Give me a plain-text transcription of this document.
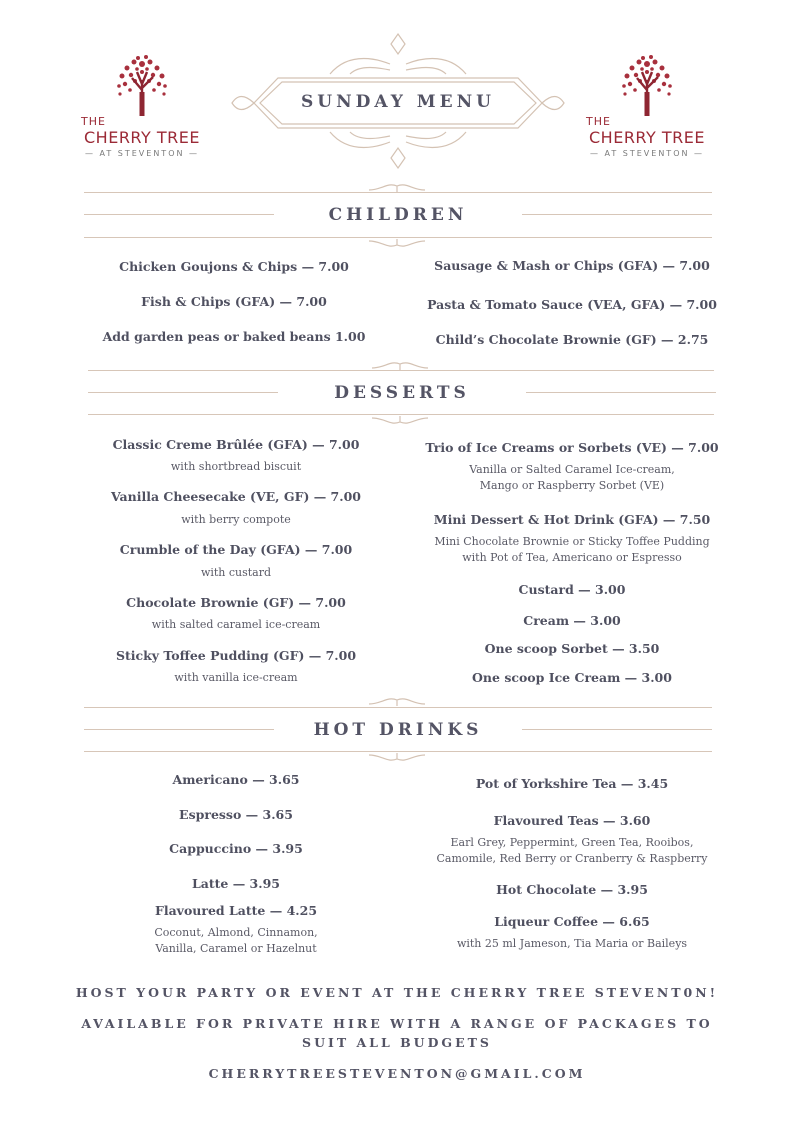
THE
CHERRY TREE
— AT STEVENTON —
THE
CHERRY TREE
— AT STEVENTON —
SUNDAY MENU
CHILDREN
Chicken Goujons & Chips — 7.00
Fish & Chips (GFA) — 7.00
Add garden peas or baked beans 1.00
Sausage & Mash or Chips (GFA) — 7.00
Pasta & Tomato Sauce (VEA, GFA) — 7.00
Child’s Chocolate Brownie (GF) — 2.75
DESSERTS
Classic Creme Brûlée (GFA) — 7.00
with shortbread biscuit
Vanilla Cheesecake (VE, GF) — 7.00
with berry compote
Crumble of the Day (GFA) — 7.00
with custard
Chocolate Brownie (GF) — 7.00
with salted caramel ice-cream
Sticky Toffee Pudding (GF) — 7.00
with vanilla ice-cream
Trio of Ice Creams or Sorbets (VE) — 7.00
Vanilla or Salted Caramel Ice-cream,
Mango or Raspberry Sorbet (VE)
Mini Dessert & Hot Drink (GFA) — 7.50
Mini Chocolate Brownie or Sticky Toffee Pudding
with Pot of Tea, Americano or Espresso
Custard — 3.00
Cream — 3.00
One scoop Sorbet — 3.50
One scoop Ice Cream — 3.00
HOT DRINKS
Americano — 3.65
Espresso — 3.65
Cappuccino — 3.95
Latte — 3.95
Flavoured Latte — 4.25
Coconut, Almond, Cinnamon,
Vanilla, Caramel or Hazelnut
Pot of Yorkshire Tea — 3.45
Flavoured Teas — 3.60
Earl Grey, Peppermint, Green Tea, Rooibos,
Camomile, Red Berry or Cranberry & Raspberry
Hot Chocolate — 3.95
Liqueur Coffee — 6.65
with 25 ml Jameson, Tia Maria or Baileys
HOST YOUR PARTY OR EVENT AT THE CHERRY TREE STEVENT0N!
AVAILABLE FOR PRIVATE HIRE WITH A RANGE OF PACKAGES TO
SUIT ALL BUDGETS
CHERRYTREESTEVENTON@GMAIL.COM
